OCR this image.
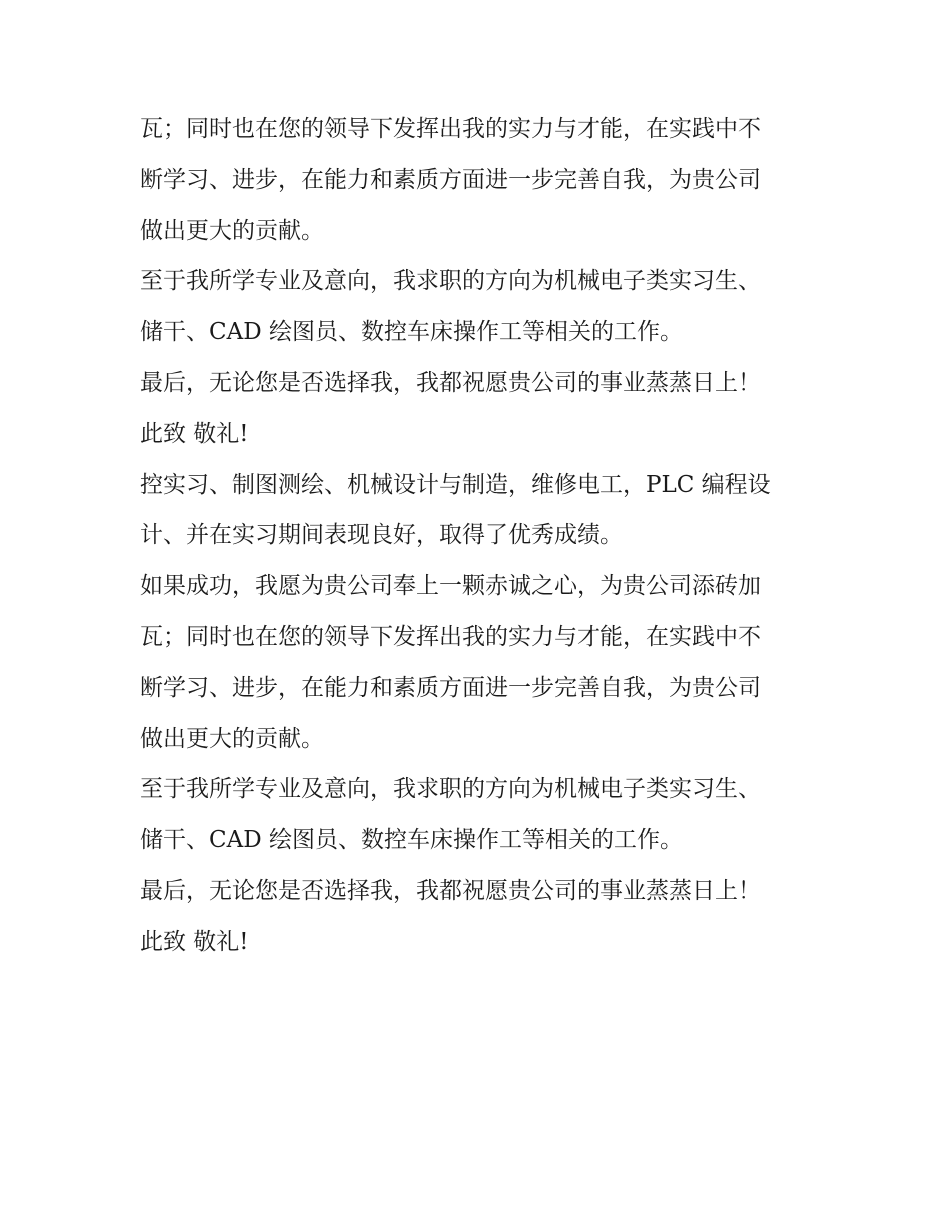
瓦；同时也在您的领导下发挥出我的实力与才能，在实践中不
断学习、进步，在能力和素质方面进一步完善自我，为贵公司
做出更大的贡献。
至于我所学专业及意向，我求职的方向为机械电子类实习生、
储干、CAD 绘图员、数控车床操作工等相关的工作。
最后，无论您是否选择我，我都祝愿贵公司的事业蒸蒸日上！
此致 敬礼!
控实习、制图测绘、机械设计与制造，维修电工，PLC 编程设
计、并在实习期间表现良好，取得了优秀成绩。
如果成功，我愿为贵公司奉上一颗赤诚之心，为贵公司添砖加
瓦；同时也在您的领导下发挥出我的实力与才能，在实践中不
断学习、进步，在能力和素质方面进一步完善自我，为贵公司
做出更大的贡献。
至于我所学专业及意向，我求职的方向为机械电子类实习生、
储干、CAD 绘图员、数控车床操作工等相关的工作。
最后，无论您是否选择我，我都祝愿贵公司的事业蒸蒸日上！
此致 敬礼!
